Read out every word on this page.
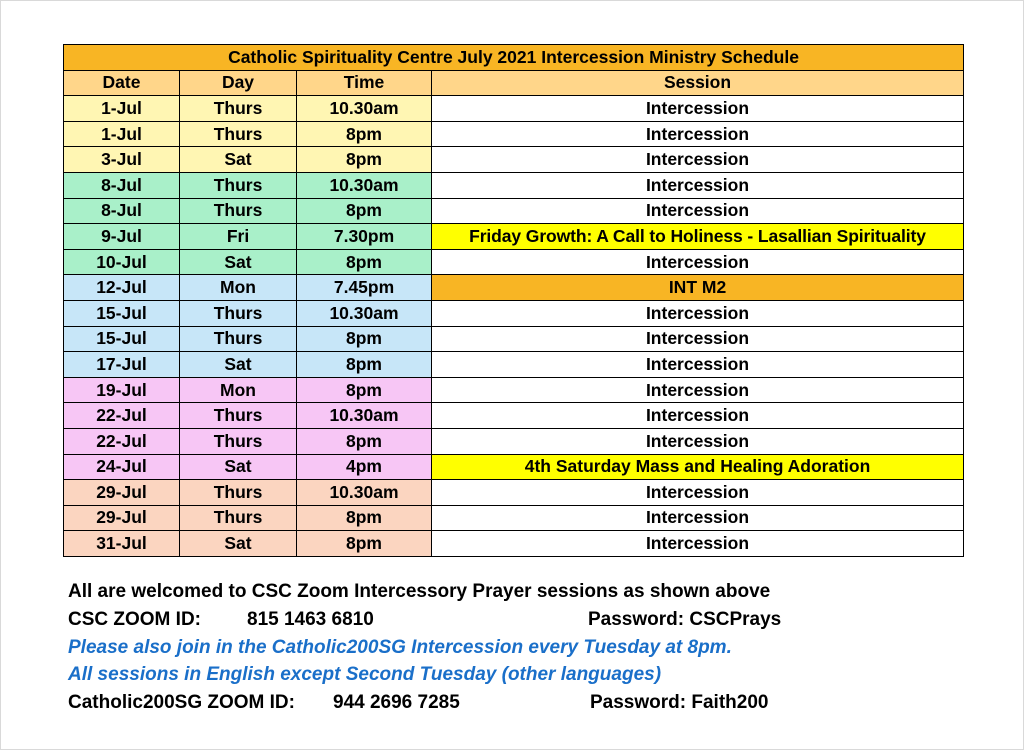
Catholic Spirituality Centre July 2021 Intercession Ministry Schedule			
Date	Day	Time	Session
1-Jul	Thurs	10.30am	Intercession
1-Jul	Thurs	8pm	Intercession
3-Jul	Sat	8pm	Intercession
8-Jul	Thurs	10.30am	Intercession
8-Jul	Thurs	8pm	Intercession
9-Jul	Fri	7.30pm	Friday Growth: A Call to Holiness - Lasallian Spirituality
10-Jul	Sat	8pm	Intercession
12-Jul	Mon	7.45pm	INT M2
15-Jul	Thurs	10.30am	Intercession
15-Jul	Thurs	8pm	Intercession
17-Jul	Sat	8pm	Intercession
19-Jul	Mon	8pm	Intercession
22-Jul	Thurs	10.30am	Intercession
22-Jul	Thurs	8pm	Intercession
24-Jul	Sat	4pm	4th Saturday Mass and Healing Adoration
29-Jul	Thurs	10.30am	Intercession
29-Jul	Thurs	8pm	Intercession
31-Jul	Sat	8pm	Intercession
All are welcomed to CSC Zoom Intercessory Prayer sessions as shown above
CSC ZOOM ID: 815 1463 6810	Password: CSCPrays
Please also join in the Catholic200SG Intercession every Tuesday at 8pm.
All sessions in English except Second Tuesday (other languages)
Catholic200SG ZOOM ID: 944 2696 7285	Password: Faith200
